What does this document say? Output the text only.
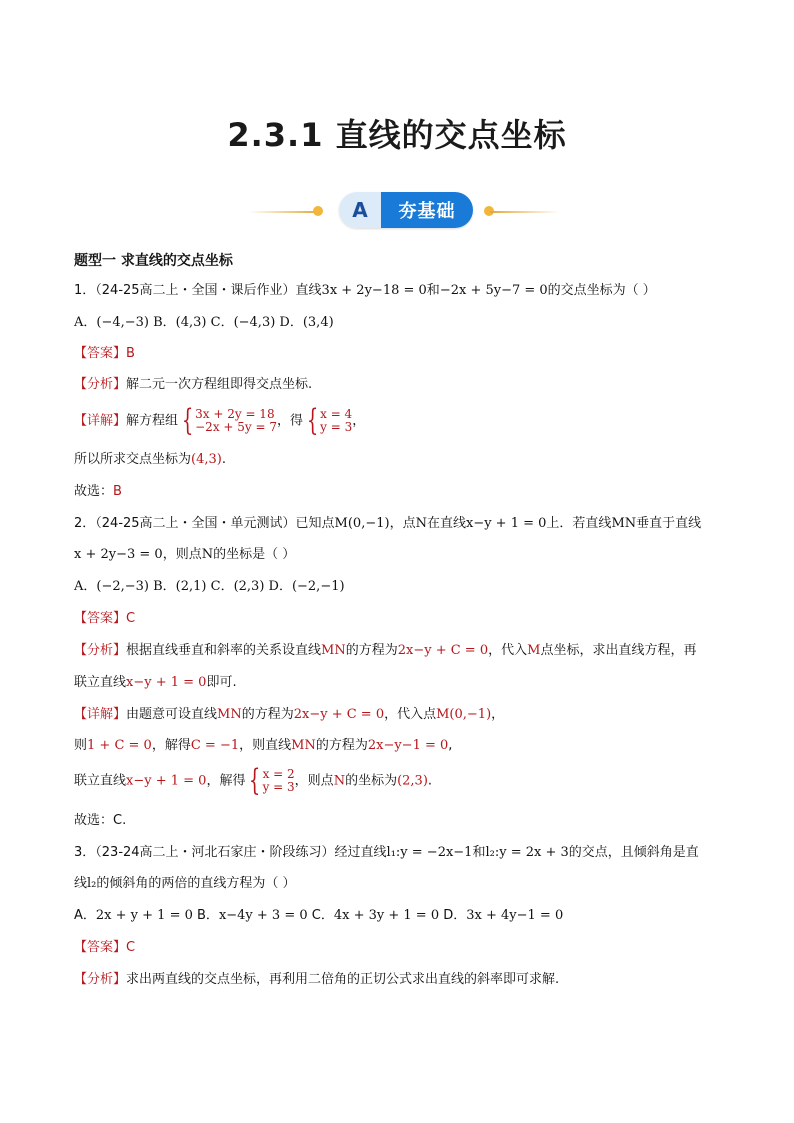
2.3.1 直线的交点坐标
A	夯基础
题型一 求直线的交点坐标
1．（24-25高二上・全国・课后作业）直线3x + 2y−18 = 0和−2x + 5y−7 = 0的交点坐标为（ ）
A．(−4,−3) B．(4,3) C．(−4,3) D．(3,4)
【答案】B
【分析】解二元一次方程组即得交点坐标.
【详解】解方程组 { 3x + 2y = 18
−2x + 5y = 7 ，得 { x = 4
y = 3 ，
所以所求交点坐标为(4,3).
故选：B
2．（24-25高二上・全国・单元测试）已知点M(0,−1)，点N在直线x−y + 1 = 0上．若直线MN垂直于直线
x + 2y−3 = 0，则点N的坐标是（ ）
A．(−2,−3) B．(2,1) C．(2,3) D．(−2,−1)
【答案】C
【分析】根据直线垂直和斜率的关系设直线MN的方程为2x−y + C = 0，代入M点坐标，求出直线方程，再
联立直线x−y + 1 = 0即可.
【详解】由题意可设直线MN的方程为2x−y + C = 0，代入点M(0,−1)，
则1 + C = 0，解得C = −1，则直线MN的方程为2x−y−1 = 0,
联立直线x−y + 1 = 0，解得 { x = 2
y = 3 ，则点N的坐标为(2,3).
故选：C.
3．（23-24高二上・河北石家庄・阶段练习）经过直线l₁:y = −2x−1和l₂:y = 2x + 3的交点，且倾斜角是直
线l₂的倾斜角的两倍的直线方程为（ ）
A．2x + y + 1 = 0 B．x−4y + 3 = 0 C．4x + 3y + 1 = 0 D．3x + 4y−1 = 0
【答案】C
【分析】求出两直线的交点坐标，再利用二倍角的正切公式求出直线的斜率即可求解.
